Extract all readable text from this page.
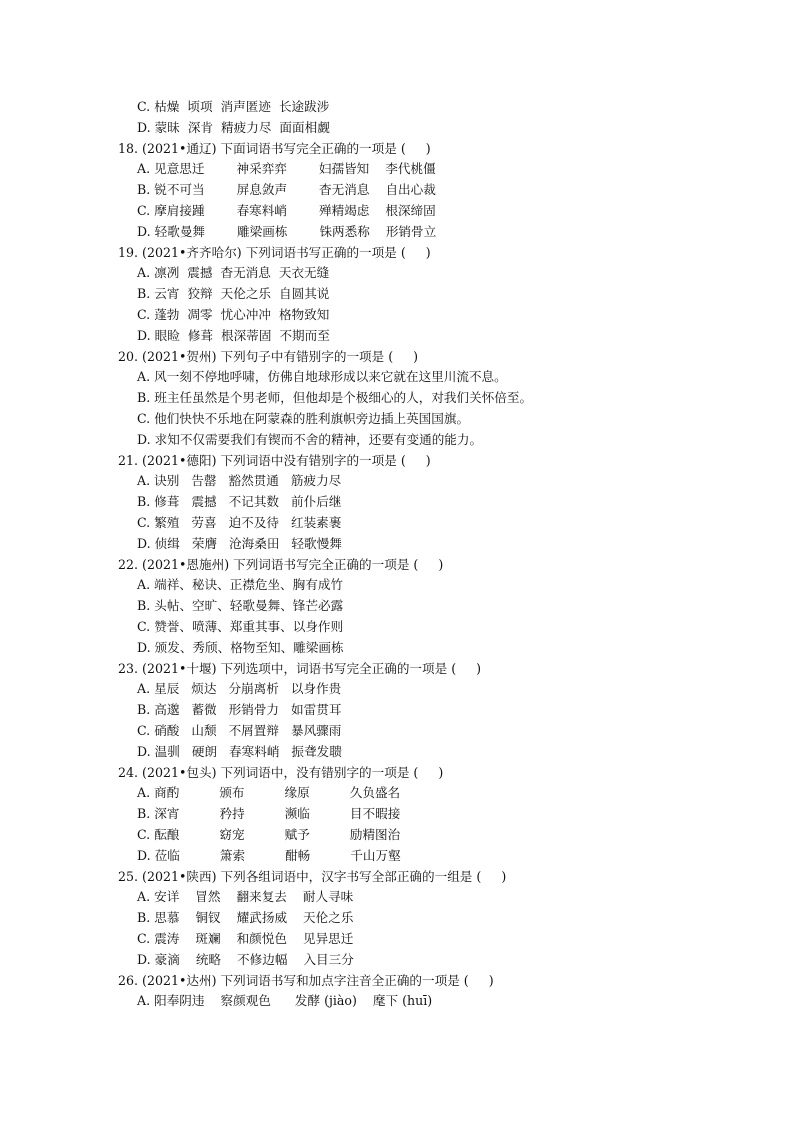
C. 枯燥  顷项  消声匿迹  长途跋涉
D. 蒙昧  深肯  精疲力尽  面面相觑
18. (2021•通辽) 下面词语书写完全正确的一项是 (     )
A. 见意思迁        神采弈弈        妇孺皆知    李代桃僵
B. 锐不可当        屏息敛声        杳无消息    自出心裁
C. 摩肩接踵        春寒料峭        殚精竭虑    根深缔固
D. 轻歌曼舞        雕梁画栋        铢两悉称    形销骨立
19. (2021•齐齐哈尔) 下列词语书写正确的一项是 (     )
A. 凛冽  震撼  杳无消息  天衣无缝
B. 云宵  狡辩  天伦之乐  自圆其说
C. 蓬勃  凋零  忧心冲冲  格物致知
D. 眼睑  修葺  根深蒂固  不期而至
20. (2021•贺州) 下列句子中有错别字的一项是 (     )
A. 风一刻不停地呼啸，仿佛自地球形成以来它就在这里川流不息。
B. 班主任虽然是个男老师，但他却是个极细心的人，对我们关怀倍至。
C. 他们快快不乐地在阿蒙森的胜利旗帜旁边插上英国国旗。
D. 求知不仅需要我们有锲而不舍的精神，还要有变通的能力。
21. (2021•德阳) 下列词语中没有错别字的一项是 (     )
A. 诀别   告罄   豁然贯通   筋疲力尽
B. 修葺   震撼   不记其数   前仆后继
C. 繁殖   劳喜   迫不及待   红装素裹
D. 侦缉   荣膺   沧海桑田   轻歌慢舞
22. (2021•恩施州) 下列词语书写完全正确的一项是 (     )
A. 端祥、秘诀、正襟危坐、胸有成竹
B. 头帖、空旷、轻歌曼舞、锋芒必露
C. 赞誉、喷薄、郑重其事、以身作则
D. 颁发、秀颀、格物至知、雕梁画栋
23. (2021•十堰) 下列选项中，词语书写完全正确的一项是 (     )
A. 星辰   烦达   分崩离析   以身作贵
B. 高邈   蓄微   形销骨力   如雷贯耳
C. 硝酸   山颓   不屑置辩   暴风骤雨
D. 温驯   硬朗   春寒料峭   振聋发聩
24. (2021•包头) 下列词语中，没有错别字的一项是 (     )
A. 商酌          颁布          缘原          久负盛名
B. 深宵          矜持          濒临          目不暇接
C. 酝酿          窈宠          赋予          励精图治
D. 莅临          箫索          酣畅          千山万壑
25. (2021•陕西) 下列各组词语中，汉字书写全部正确的一组是 (     )
A. 安详    冒然    翻来复去    耐人寻味
B. 思慕    铜钗    耀武扬威    天伦之乐
C. 震涛    斑斓    和颜悦色    见异思迁
D. 豪滴    统略    不修边幅    入目三分
26. (2021•达州) 下列词语书写和加点字注音全正确的一项是 (     )
A. 阳奉阴违    察颜观色      发酵 (jiào)    麾下 (huī)
